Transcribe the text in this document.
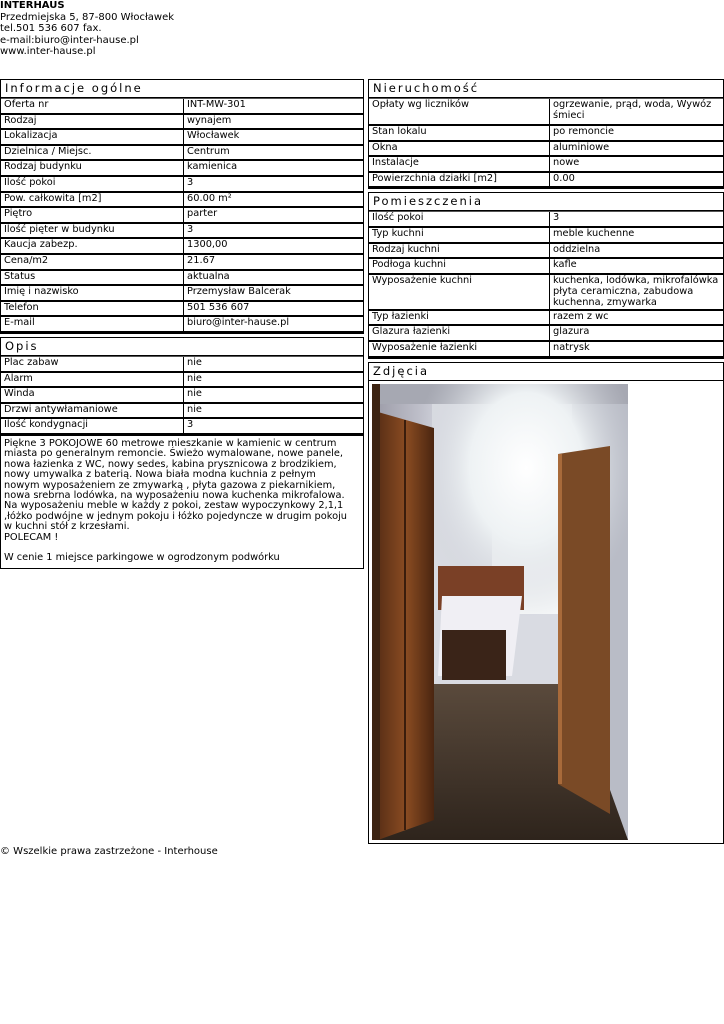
INTERHAUS
Przedmiejska 5, 87-800 Włocławek
tel.501 536 607 fax.
e-mail:biuro@inter-hause.pl
www.inter-hause.pl
Informacje ogólne
Oferta nr	INT-MW-301
Rodzaj	wynajem
Lokalizacja	Włocławek
Dzielnica / Miejsc.	Centrum
Rodzaj budynku	kamienica
Ilość pokoi	3
Pow. całkowita [m2]	60.00 m²
Piętro	parter
Ilość pięter w budynku	3
Kaucja zabezp.	1300,00
Cena/m2	21.67
Status	aktualna
Imię i nazwisko	Przemysław Balcerak
Telefon	501 536 607
E-mail	biuro@inter-hause.pl
Opis
Plac zabaw	nie
Alarm	nie
Winda	nie
Drzwi antywłamaniowe	nie
Ilość kondygnacji	3
Piękne 3 POKOJOWE 60 metrowe mieszkanie w kamienic w centrum
miasta po generalnym remoncie. Świeżo wymalowane, nowe panele,
nowa łazienka z WC, nowy sedes, kabina prysznicowa z brodzikiem,
nowy umywalka z baterią. Nowa biała modna kuchnia z pełnym
nowym wyposażeniem ze zmywarką , płyta gazowa z piekarnikiem,
nowa srebrna lodówka, na wyposażeniu nowa kuchenka mikrofalowa.
Na wyposażeniu meble w każdy z pokoi, zestaw wypoczynkowy 2,1,1
,łóżko podwójne w jednym pokoju i łóżko pojedyncze w drugim pokoju
w kuchni stół z krzesłami.
POLECAM !

W cenie 1 miejsce parkingowe w ogrodzonym podwórku
Nieruchomość
Opłaty wg liczników	ogrzewanie, prąd, woda, Wywóz śmieci
Stan lokalu	po remoncie
Okna	aluminiowe
Instalacje	nowe
Powierzchnia działki [m2]	0.00
Pomieszczenia
Ilość pokoi	3
Typ kuchni	meble kuchenne
Rodzaj kuchni	oddzielna
Podłoga kuchni	kafle
Wyposażenie kuchni	kuchenka, lodówka, mikrofalówka płyta ceramiczna, zabudowa kuchenna, zmywarka
Typ łazienki	razem z wc
Glazura łazienki	glazura
Wyposażenie łazienki	natrysk
Zdjęcia
© Wszelkie prawa zastrzeżone - Interhouse
